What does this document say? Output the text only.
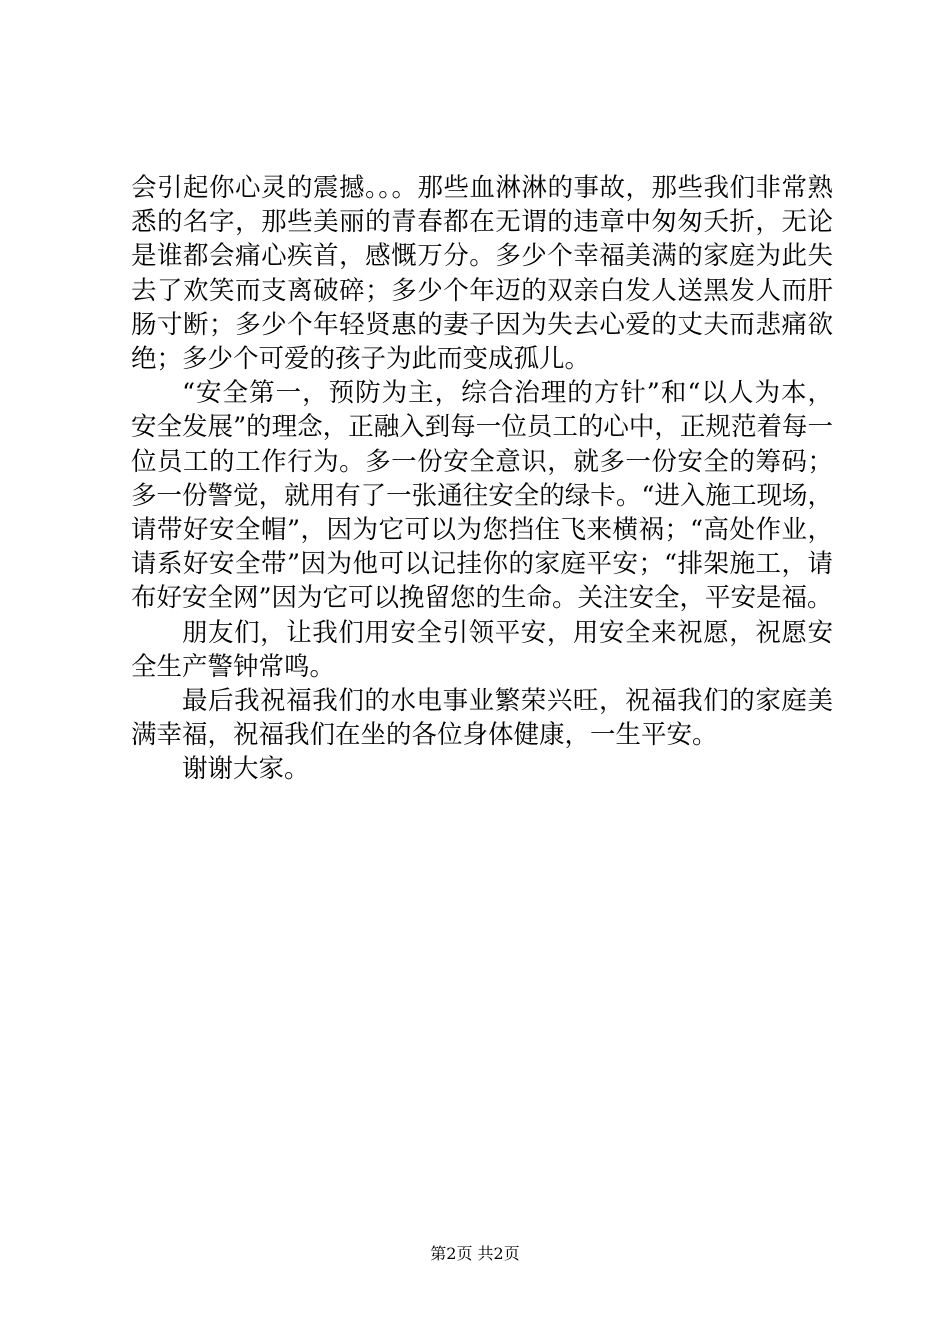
会引起你心灵的震撼。。。那些血淋淋的事故，那些我们非常熟悉的名字，那些美丽的青春都在无谓的违章中匆匆夭折，无论是谁都会痛心疾首，感慨万分。多少个幸福美满的家庭为此失去了欢笑而支离破碎；多少个年迈的双亲白发人送黑发人而肝肠寸断；多少个年轻贤惠的妻子因为失去心爱的丈夫而悲痛欲绝；多少个可爱的孩子为此而变成孤儿。

“安全第一，预防为主，综合治理的方针”和“以人为本，安全发展”的理念，正融入到每一位员工的心中，正规范着每一位员工的工作行为。多一份安全意识，就多一份安全的筹码；多一份警觉，就用有了一张通往安全的绿卡。“进入施工现场，请带好安全帽”，因为它可以为您挡住飞来横祸；“高处作业，请系好安全带”因为他可以记挂你的家庭平安；“排架施工，请布好安全网”因为它可以挽留您的生命。关注安全，平安是福。

朋友们，让我们用安全引领平安，用安全来祝愿，祝愿安全生产警钟常鸣。

最后我祝福我们的水电事业繁荣兴旺，祝福我们的家庭美满幸福，祝福我们在坐的各位身体健康，一生平安。

谢谢大家。

第2页 共2页
